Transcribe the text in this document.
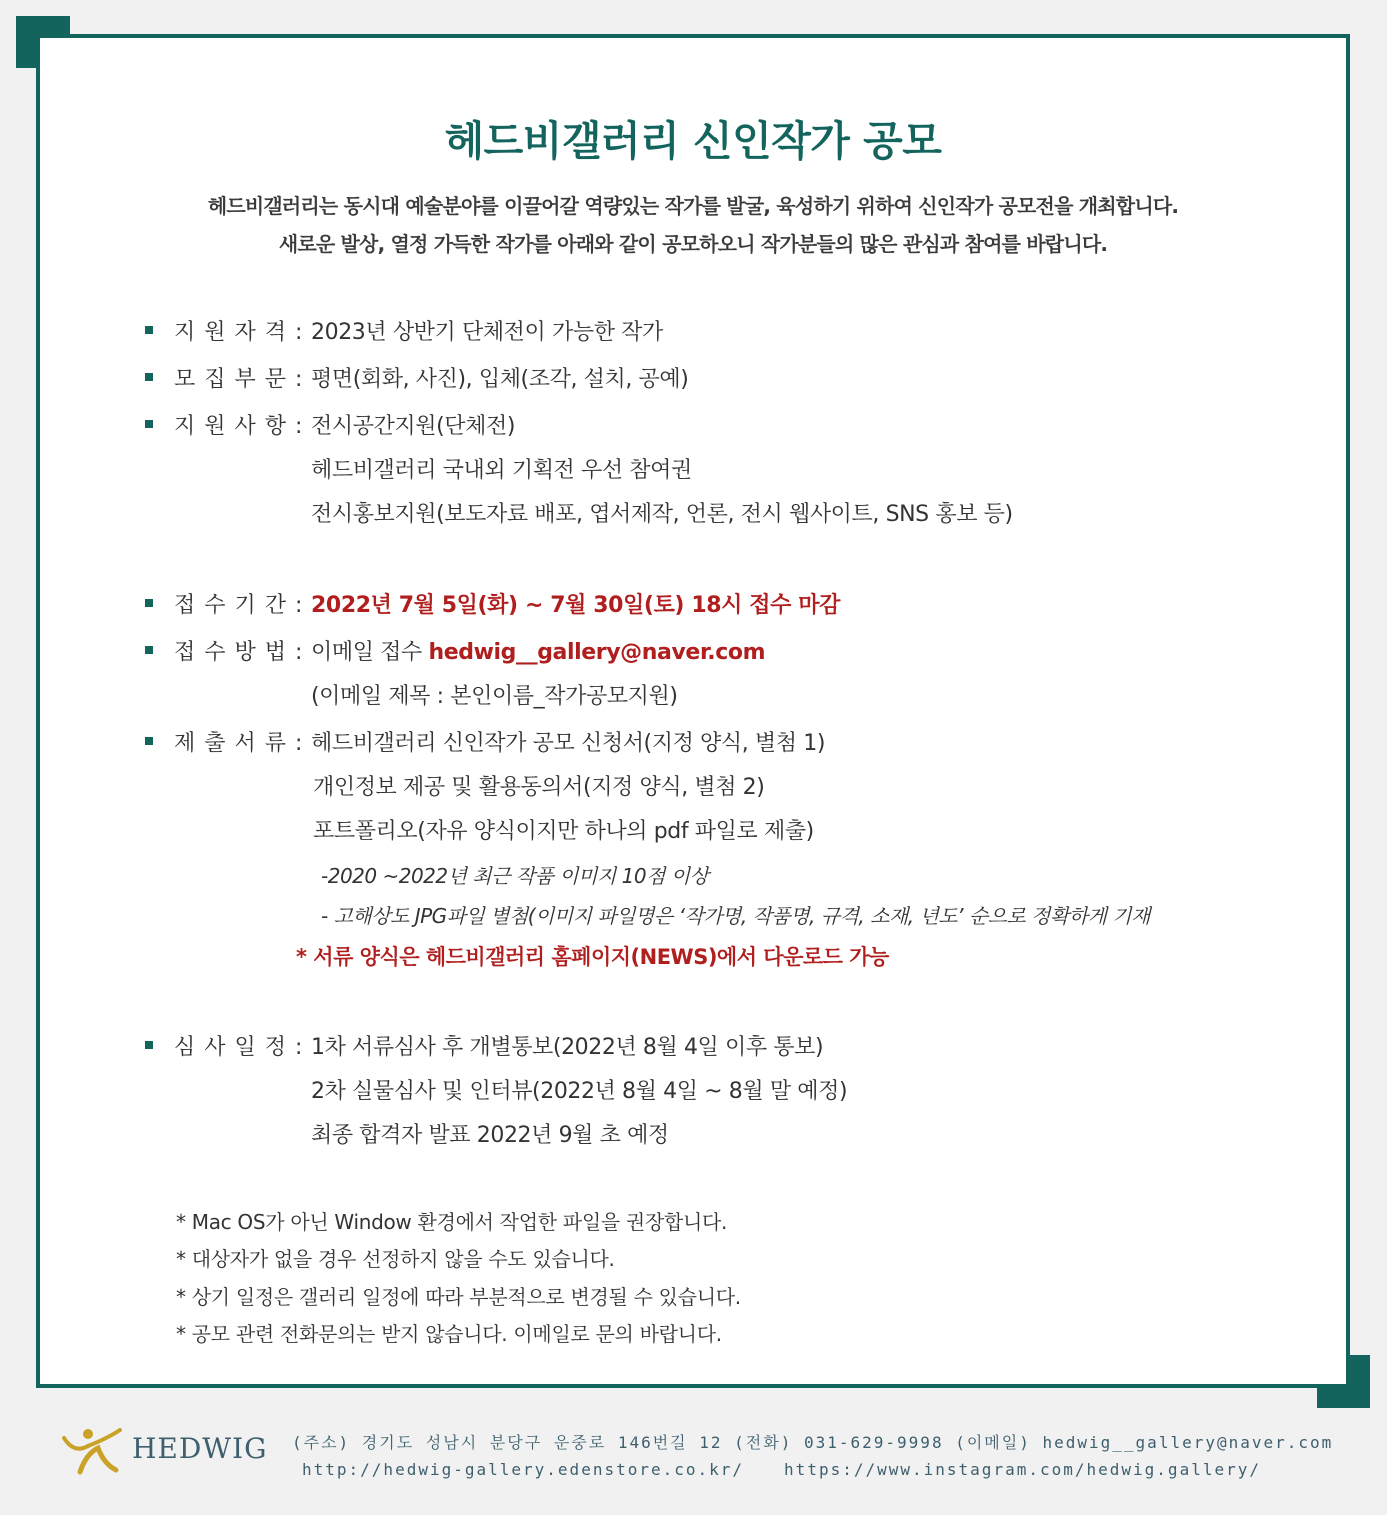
헤드비갤러리 신인작가 공모
헤드비갤러리는 동시대 예술분야를 이끌어갈 역량있는 작가를 발굴, 육성하기 위하여 신인작가 공모전을 개최합니다.
새로운 발상, 열정 가득한 작가를 아래와 같이 공모하오니 작가분들의 많은 관심과 참여를 바랍니다.
지 원 자 격 : 2023년 상반기 단체전이 가능한 작가
모 집 부 문 : 평면(회화, 사진), 입체(조각, 설치, 공예)
지 원 사 항 : 전시공간지원(단체전)
헤드비갤러리 국내외 기획전 우선 참여권
전시홍보지원(보도자료 배포, 엽서제작, 언론, 전시 웹사이트, SNS 홍보 등)
접 수 기 간 : 2022년 7월 5일(화) ~ 7월 30일(토) 18시 접수 마감
접 수 방 법 : 이메일 접수 hedwig__gallery@naver.com
(이메일 제목 : 본인이름_작가공모지원)
제 출 서 류 : 헤드비갤러리 신인작가 공모 신청서(지정 양식, 별첨 1)
개인정보 제공 및 활용동의서(지정 양식, 별첨 2)
포트폴리오(자유 양식이지만 하나의 pdf 파일로 제출)
-2020 ~2022년 최근 작품 이미지 10점 이상
- 고해상도 JPG파일 별첨(이미지 파일명은 ‘작가명, 작품명, 규격, 소재, 년도’ 순으로 정확하게 기재
* 서류 양식은 헤드비갤러리 홈페이지(NEWS)에서 다운로드 가능
심 사 일 정 : 1차 서류심사 후 개별통보(2022년 8월 4일 이후 통보)
2차 실물심사 및 인터뷰(2022년 8월 4일 ~ 8월 말 예정)
최종 합격자 발표 2022년 9월 초 예정
* Mac OS가 아닌 Window 환경에서 작업한 파일을 권장합니다.
* 대상자가 없을 경우 선정하지 않을 수도 있습니다.
* 상기 일정은 갤러리 일정에 따라 부분적으로 변경될 수 있습니다.
* 공모 관련 전화문의는 받지 않습니다. 이메일로 문의 바랍니다.
HEDWIG (주소) 경기도 성남시 분당구 운중로 146번길 12 (전화) 031-629-9998 (이메일) hedwig__gallery@naver.com
http://hedwig-gallery.edenstore.co.kr/	https://www.instagram.com/hedwig.gallery/
